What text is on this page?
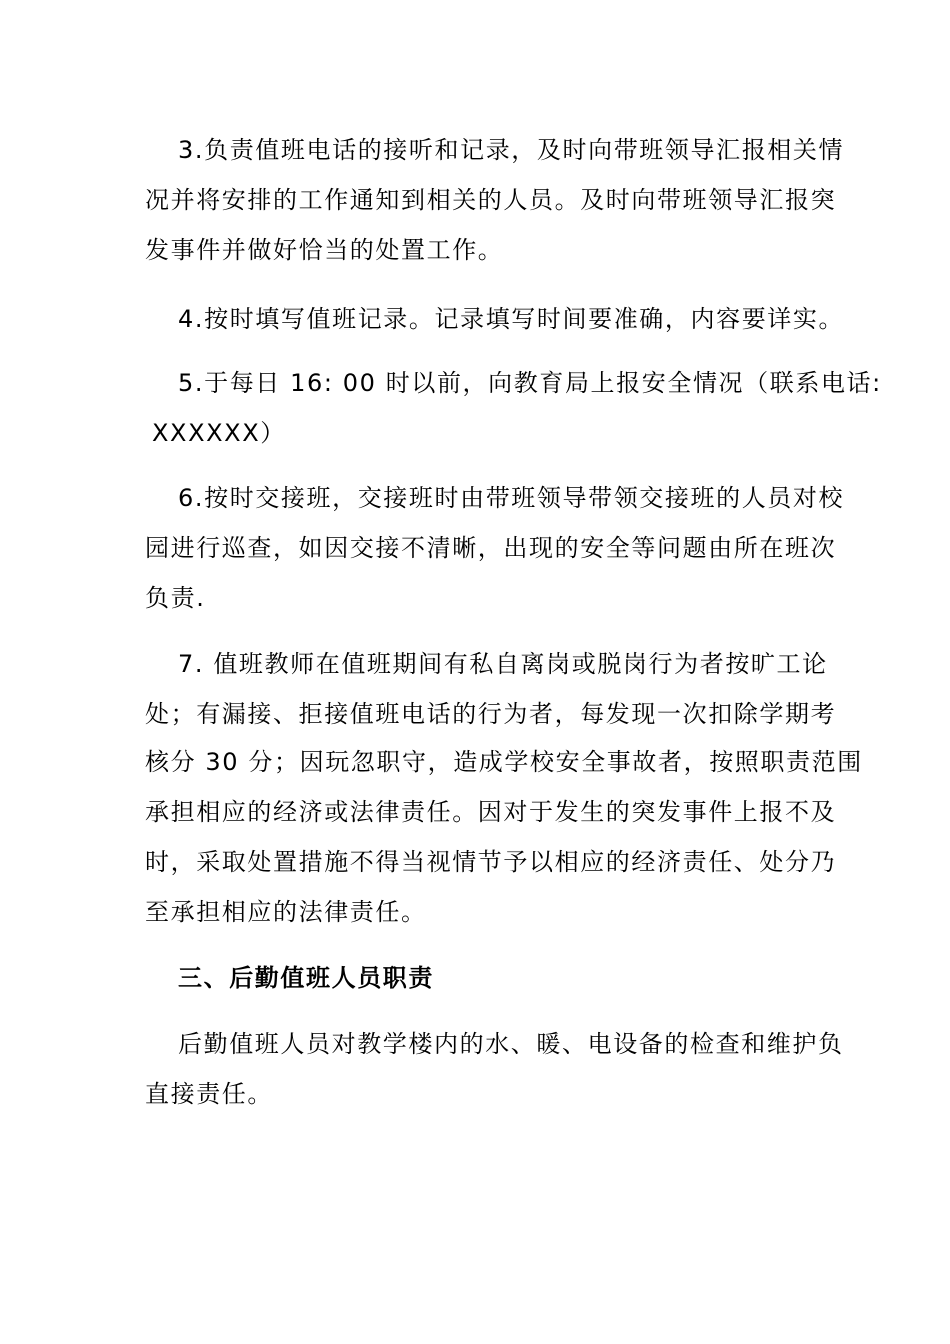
3.负责值班电话的接听和记录，及时向带班领导汇报相关情
况并将安排的工作通知到相关的人员。及时向带班领导汇报突
发事件并做好恰当的处置工作。
4.按时填写值班记录。记录填写时间要准确，内容要详实。
5.于每日 16: 00 时以前，向教育局上报安全情况（联系电话:
XXXXXX）
6.按时交接班，交接班时由带班领导带领交接班的人员对校
园进行巡查，如因交接不清晰，出现的安全等问题由所在班次
负责.
7. 值班教师在值班期间有私自离岗或脱岗行为者按旷工论
处；有漏接、拒接值班电话的行为者，每发现一次扣除学期考
核分 30 分；因玩忽职守，造成学校安全事故者，按照职责范围
承担相应的经济或法律责任。因对于发生的突发事件上报不及
时，采取处置措施不得当视情节予以相应的经济责任、处分乃
至承担相应的法律责任。
三、后勤值班人员职责
后勤值班人员对教学楼内的水、暖、电设备的检查和维护负
直接责任。
